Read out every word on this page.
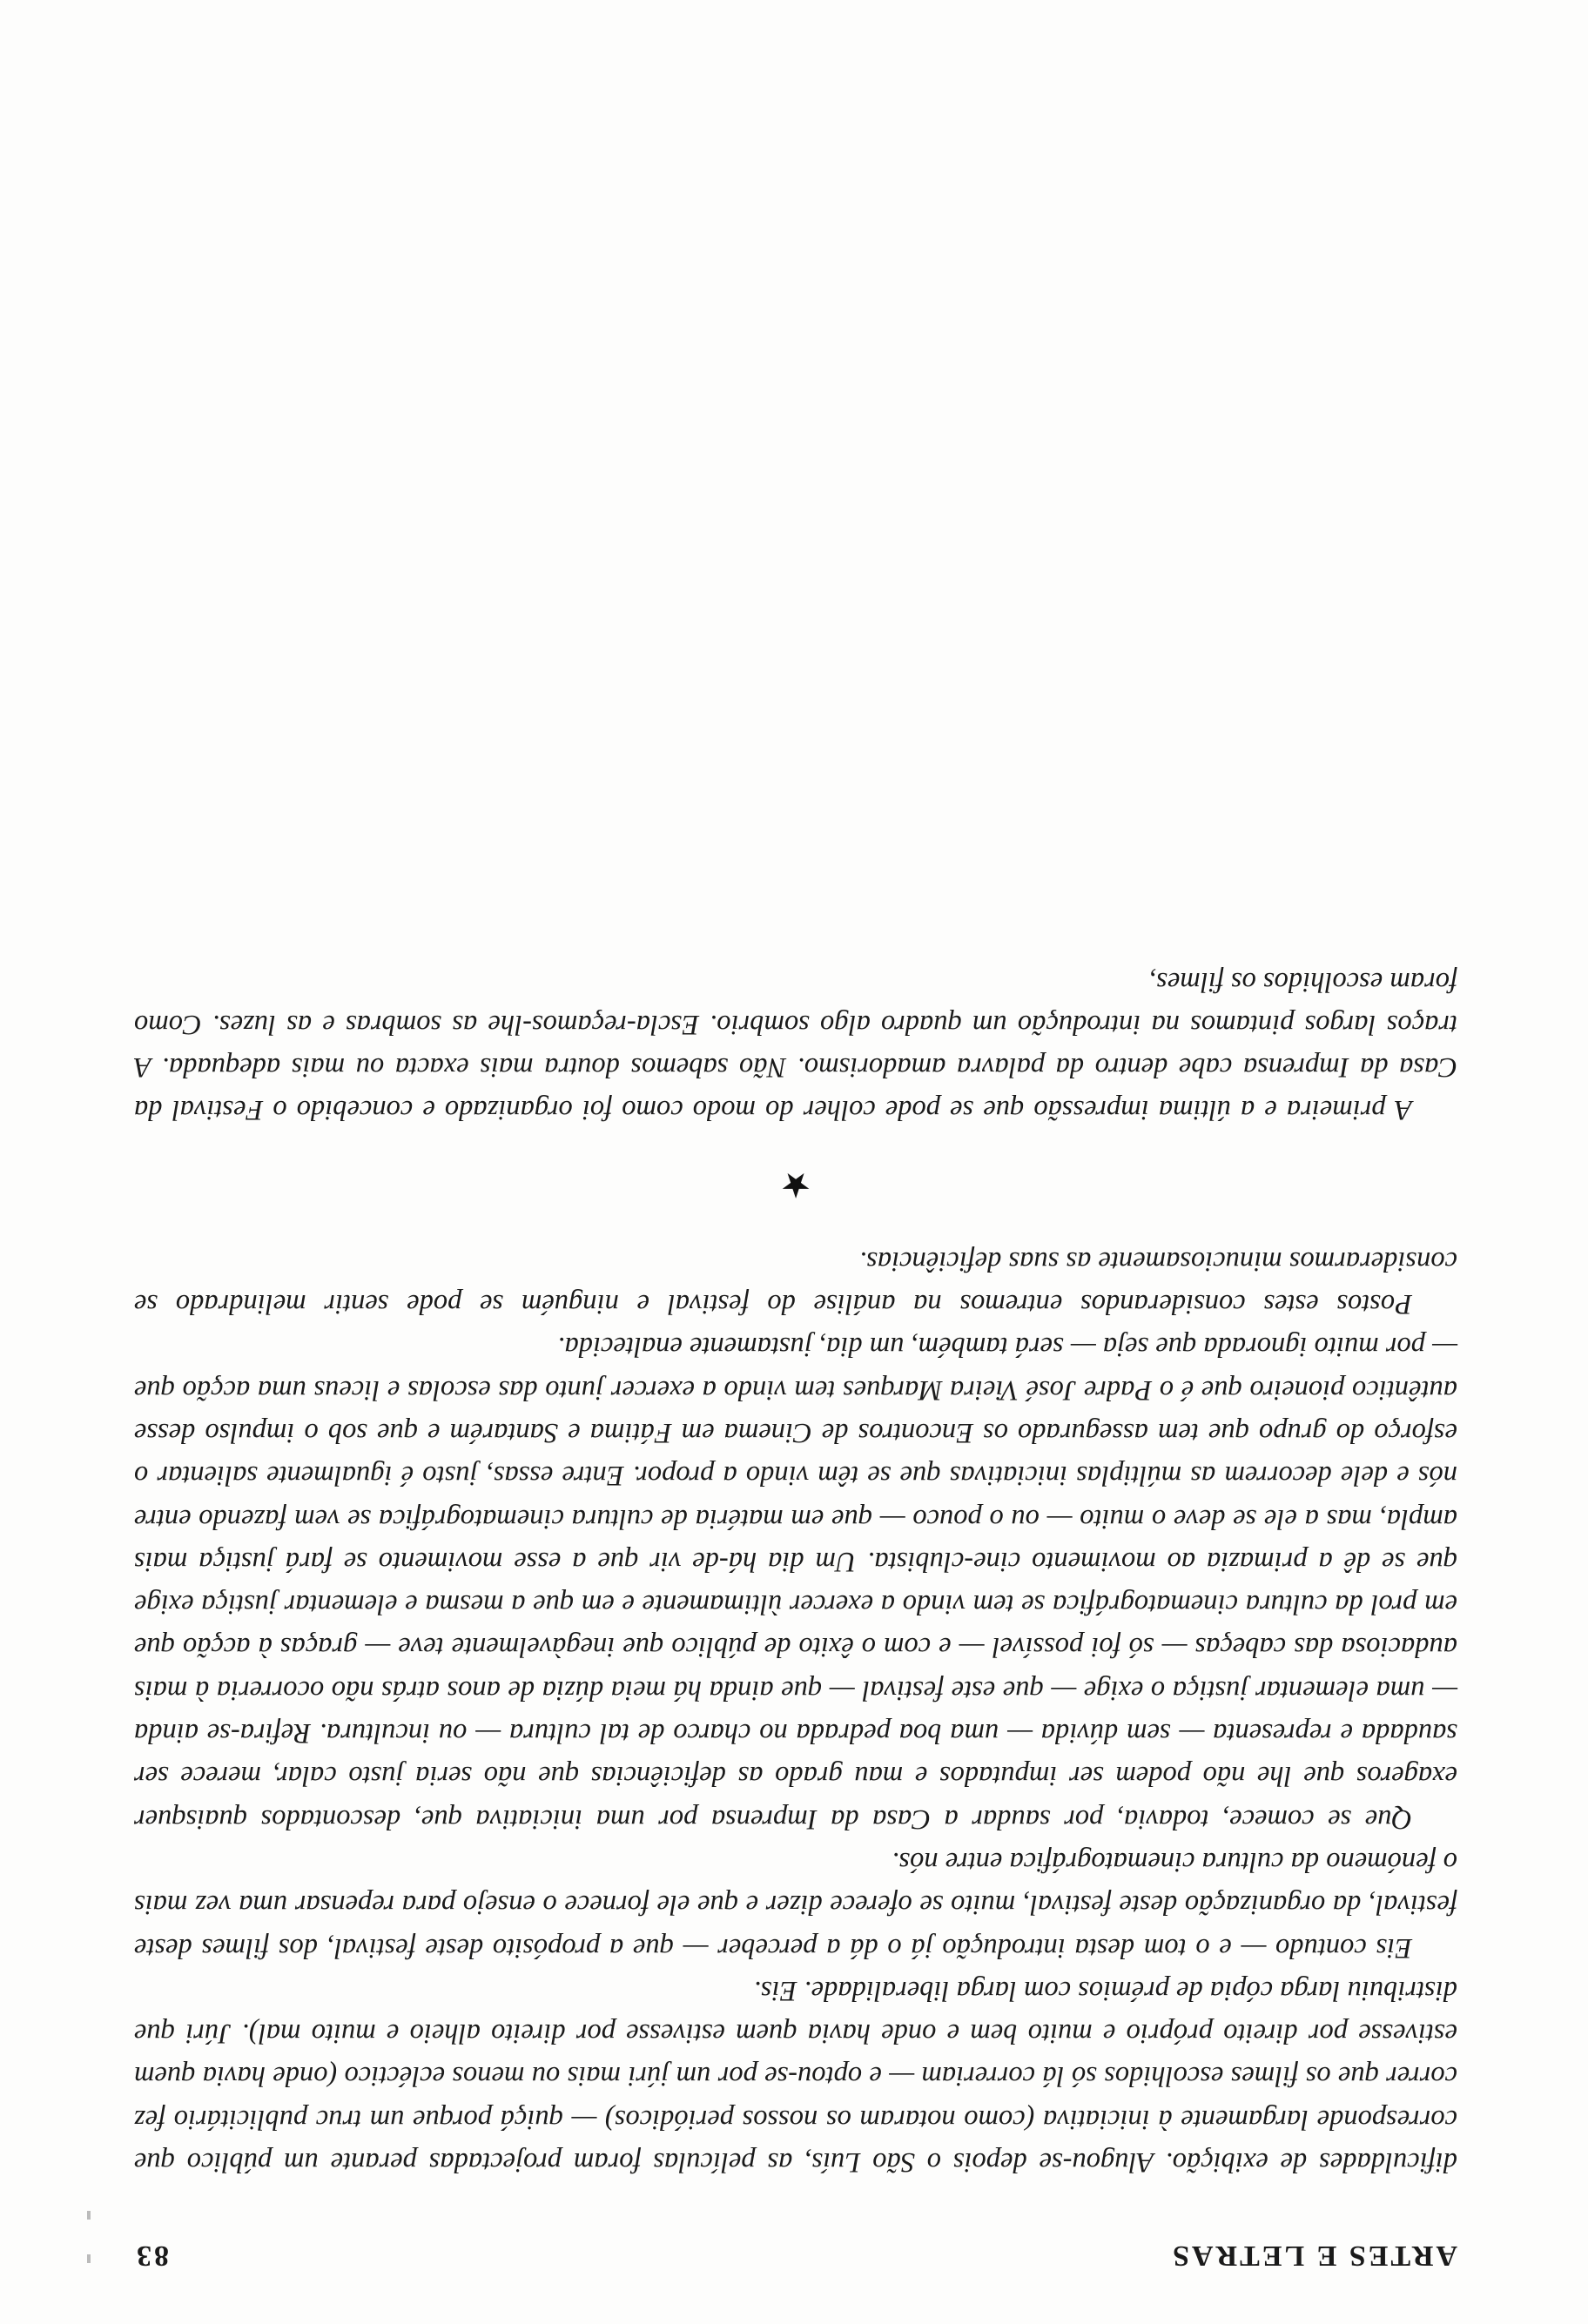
ARTES E LETRAS
83

dificuldades de exibição. Alugou-se depois o São Luís, as películas foram projectadas perante um público que corresponde largamente à iniciativa (como notaram os nossos periódicos) — quiçá porque um truc publicitário fez correr que os filmes escolhidos só lá correriam — e optou-se por um júri mais ou menos ecléctico (onde havia quem estivesse por direito próprio e muito bem e onde havia quem estivesse por direito alheio e muito mal). Júri que distribuiu larga cópia de prémios com larga liberalidade. Eis.

Eis contudo — e o tom desta introdução já o dá a perceber — que a propósito deste festival, dos filmes deste festival, da organização deste festival, muito se oferece dizer e que ele fornece o ensejo para repensar uma vez mais o fenómeno da cultura cinematográfica entre nós.

Que se comece, todavia, por saudar a Casa da Imprensa por uma iniciativa que, descontados quaisquer exageros que lhe não podem ser imputados e mau grado as deficiências que não seria justo calar, merece ser saudada e representa — sem dúvida — uma boa pedrada no charco de tal cultura — ou incultura. Refira-se ainda — uma elementar justiça o exige — que este festival — que ainda há meia dúzia de anos atrás não ocorreria à mais audaciosa das cabeças — só foi possível — e com o êxito de público que inegàvelmente teve — graças à acção que em prol da cultura cinematográfica se tem vindo a exercer ùltimamente e em que a mesma e elementar justiça exige que se dê a primazia ao movimento cine-clubista. Um dia há-de vir que a esse movimento se fará justiça mais ampla, mas a ele se deve o muito — ou o pouco — que em matéria de cultura cinematográfica se vem fazendo entre nós e dele decorrem as múltiplas iniciativas que se têm vindo a propor. Entre essas, justo é igualmente salientar o esforço do grupo que tem assegurado os Encontros de Cinema em Fátima e Santarém e que sob o impulso desse autêntico pioneiro que é o Padre José Vieira Marques tem vindo a exercer junto das escolas e liceus uma acção que — por muito ignorada que seja — será também, um dia, justamente enaltecida.

Postos estes considerandos entremos na análise do festival e ninguém se pode sentir melindrado se considerarmos minuciosamente as suas deficiências.

★

A primeira e a última impressão que se pode colher do modo como foi organizado e concebido o Festival da Casa da Imprensa cabe dentro da palavra amadorismo. Não sabemos doutra mais exacta ou mais adequada. A traços largos pintamos na introdução um quadro algo sombrio. Escla-reçamos-lhe as sombras e as luzes. Como foram escolhidos os filmes,
